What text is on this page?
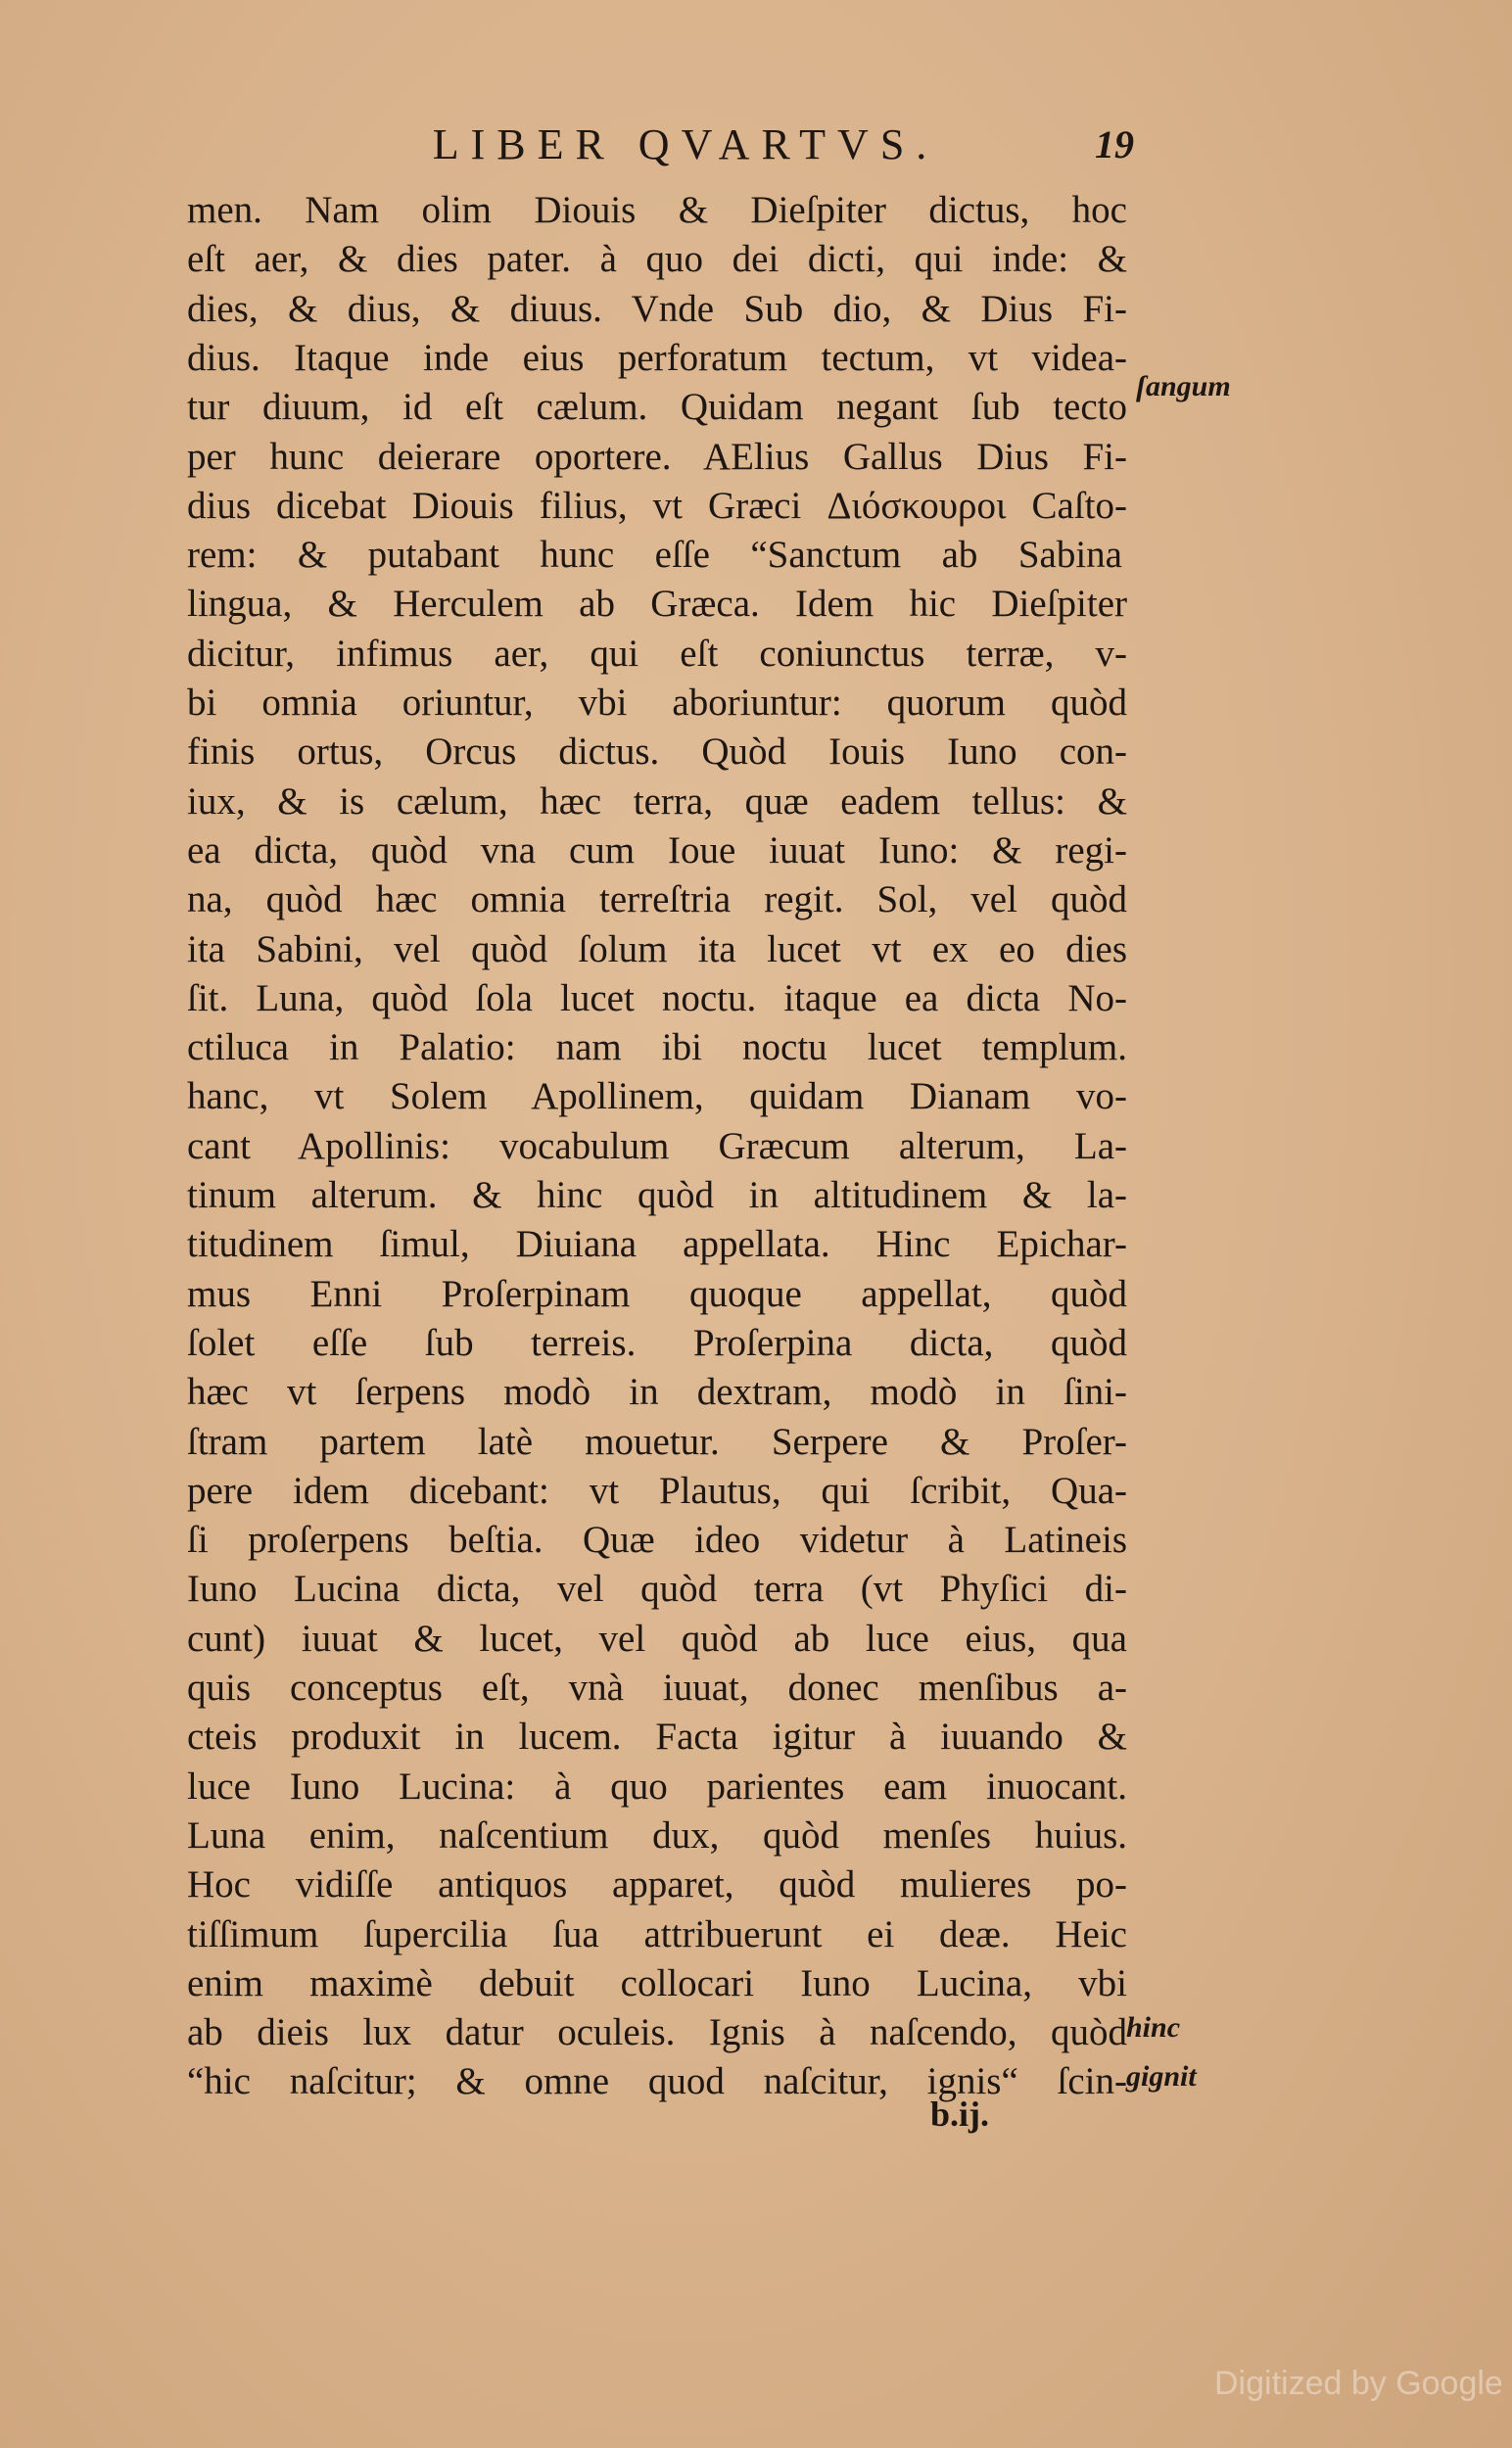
LIBER QVARTVS.	19
men. Nam olim Diouis & Dieſpiter dictus, hoc
eſt aer, & dies pater. à quo dei dicti, qui inde: &
dies, & dius, & diuus. Vnde Sub dio, & Dius Fi-
dius. Itaque inde eius perforatum tectum, vt videa-
tur diuum, id eſt cælum. Quidam negant ſub tecto
per hunc deierare oportere. AElius Gallus Dius Fi-
dius dicebat Diouis filius, vt Græci Διόσκουροι Caſto-
rem: & putabant hunc eſſe “Sanctum ab Sabina
lingua, & Herculem ab Græca. Idem hic Dieſpiter
dicitur, infimus aer, qui eſt coniunctus terræ, v-
bi omnia oriuntur, vbi aboriuntur: quorum quòd
finis ortus, Orcus dictus. Quòd Iouis Iuno con-
iux, & is cælum, hæc terra, quæ eadem tellus: &
ea dicta, quòd vna cum Ioue iuuat Iuno: & regi-
na, quòd hæc omnia terreſtria regit. Sol, vel quòd
ita Sabini, vel quòd ſolum ita lucet vt ex eo dies
ſit. Luna, quòd ſola lucet noctu. itaque ea dicta No-
ctiluca in Palatio: nam ibi noctu lucet templum.
hanc, vt Solem Apollinem, quidam Dianam vo-
cant Apollinis: vocabulum Græcum alterum, La-
tinum alterum. & hinc quòd in altitudinem & la-
titudinem ſimul, Diuiana appellata. Hinc Epichar-
mus Enni Proſerpinam quoque appellat, quòd
ſolet eſſe ſub terreis. Proſerpina dicta, quòd
hæc vt ſerpens modò in dextram, modò in ſini-
ſtram partem latè mouetur. Serpere & Proſer-
pere idem dicebant: vt Plautus, qui ſcribit, Qua-
ſi proſerpens beſtia. Quæ ideo videtur à Latineis
Iuno Lucina dicta, vel quòd terra (vt Phyſici di-
cunt) iuuat & lucet, vel quòd ab luce eius, qua
quis conceptus eſt, vnà iuuat, donec menſibus a-
cteis produxit in lucem. Facta igitur à iuuando &
luce Iuno Lucina: à quo parientes eam inuocant.
Luna enim, naſcentium dux, quòd menſes huius.
Hoc vidiſſe antiquos apparet, quòd mulieres po-
tiſſimum ſupercilia ſua attribuerunt ei deæ. Heic
enim maximè debuit collocari Iuno Lucina, vbi
ab dieis lux datur oculeis. Ignis à naſcendo, quòd
“hic naſcitur; & omne quod naſcitur, ignis“ ſcin-
ſangum
hinc
gignit
b.ij.
Digitized by Google
